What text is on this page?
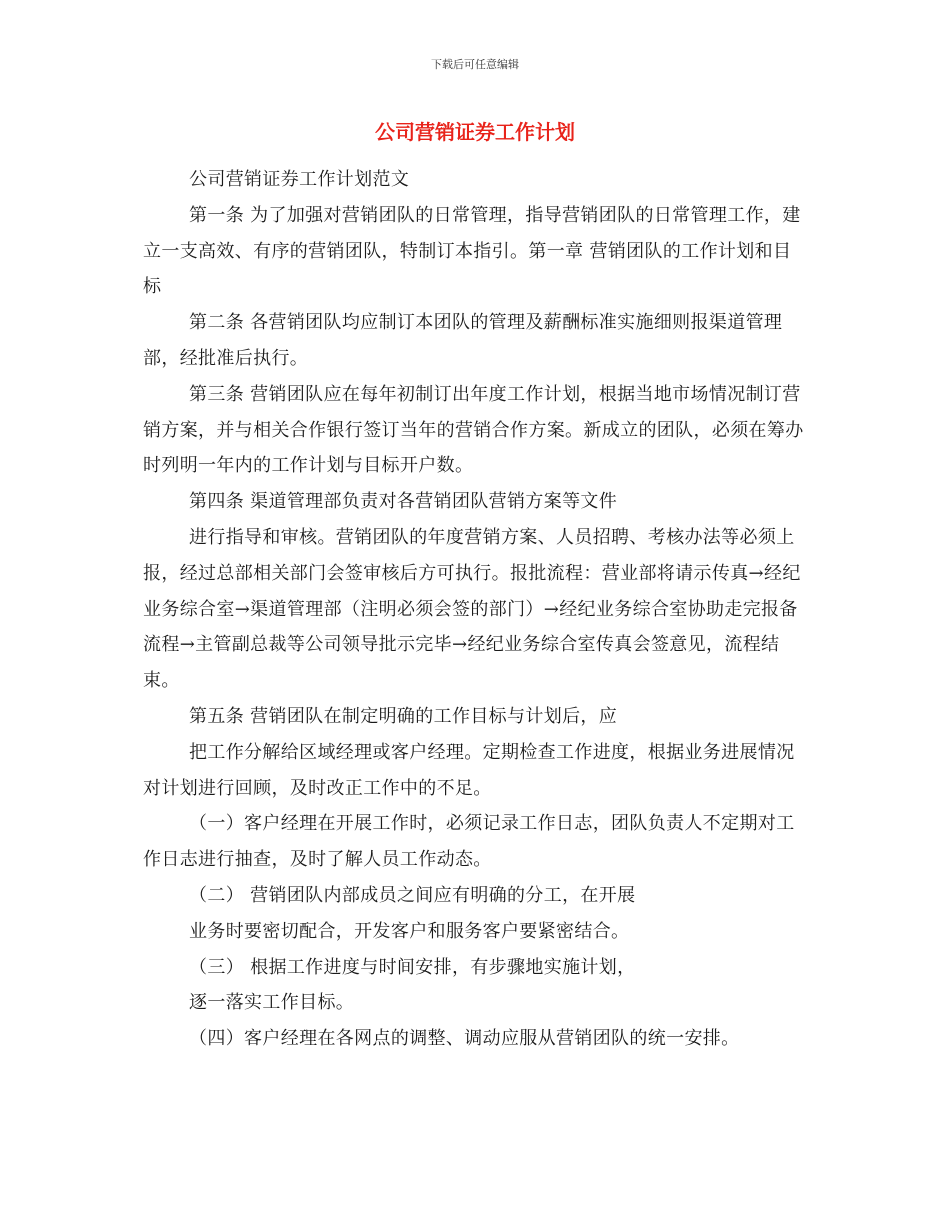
下载后可任意编辑
公司营销证券工作计划

公司营销证券工作计划范文

第一条 为了加强对营销团队的日常管理，指导营销团队的日常管理工作，建立一支高效、有序的营销团队，特制订本指引。第一章 营销团队的工作计划和目标

第二条 各营销团队均应制订本团队的管理及薪酬标准实施细则报渠道管理部，经批准后执行。

第三条 营销团队应在每年初制订出年度工作计划，根据当地市场情况制订营销方案，并与相关合作银行签订当年的营销合作方案。新成立的团队，必须在筹办时列明一年内的工作计划与目标开户数。

第四条 渠道管理部负责对各营销团队营销方案等文件

进行指导和审核。营销团队的年度营销方案、人员招聘、考核办法等必须上报，经过总部相关部门会签审核后方可执行。报批流程：营业部将请示传真→经纪业务综合室→渠道管理部（注明必须会签的部门）→经纪业务综合室协助走完报备流程→主管副总裁等公司领导批示完毕→经纪业务综合室传真会签意见，流程结束。

第五条 营销团队在制定明确的工作目标与计划后，应

把工作分解给区域经理或客户经理。定期检查工作进度，根据业务进展情况对计划进行回顾，及时改正工作中的不足。

（一）客户经理在开展工作时，必须记录工作日志，团队负责人不定期对工作日志进行抽查，及时了解人员工作动态。

（二） 营销团队内部成员之间应有明确的分工，在开展

业务时要密切配合，开发客户和服务客户要紧密结合。

（三） 根据工作进度与时间安排，有步骤地实施计划，

逐一落实工作目标。

（四）客户经理在各网点的调整、调动应服从营销团队的统一安排。
